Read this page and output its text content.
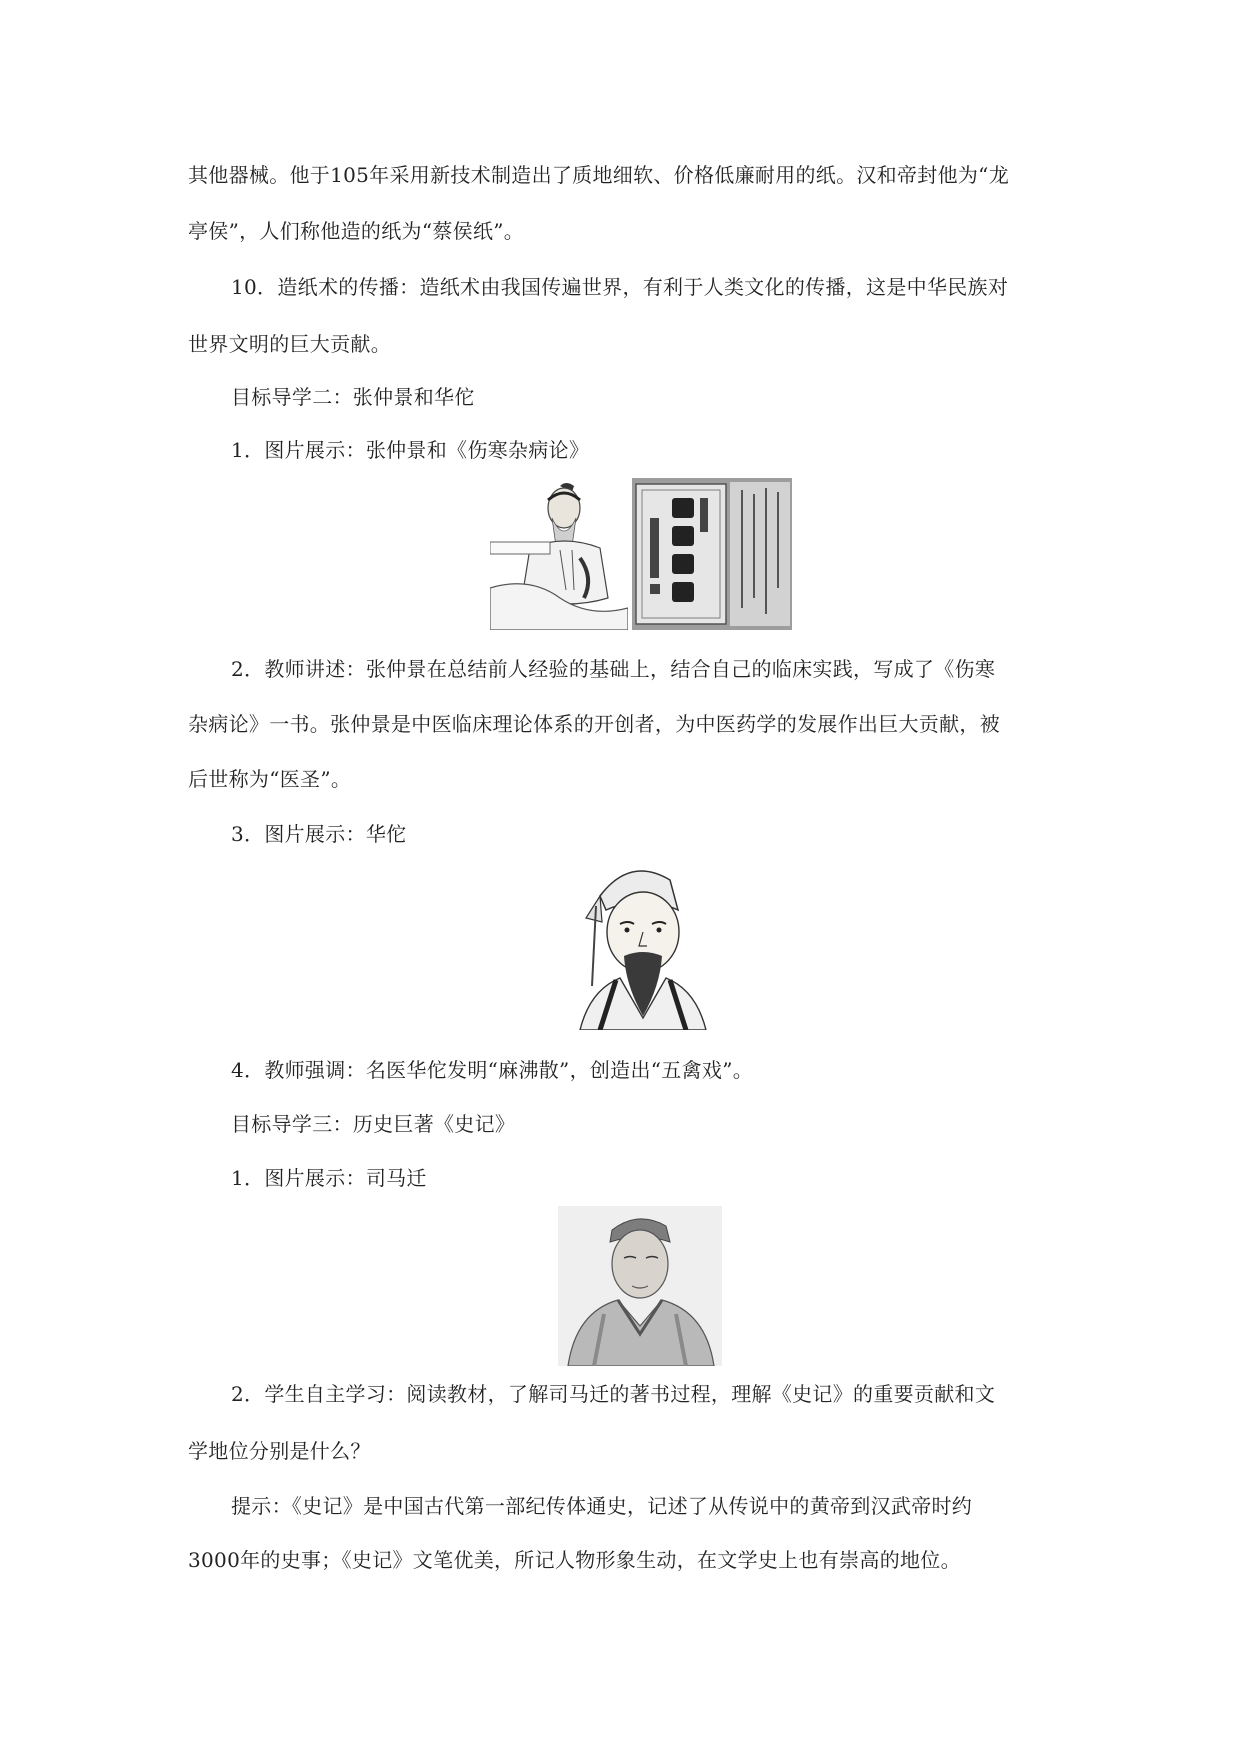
其他器械。他于105年采用新技术制造出了质地细软、价格低廉耐用的纸。汉和帝封他为“龙
亭侯”，人们称他造的纸为“蔡侯纸”。
10．造纸术的传播：造纸术由我国传遍世界，有利于人类文化的传播，这是中华民族对
世界文明的巨大贡献。
目标导学二：张仲景和华佗
1．图片展示：张仲景和《伤寒杂病论》
2．教师讲述：张仲景在总结前人经验的基础上，结合自己的临床实践，写成了《伤寒
杂病论》一书。张仲景是中医临床理论体系的开创者，为中医药学的发展作出巨大贡献，被
后世称为“医圣”。
3．图片展示：华佗
4．教师强调：名医华佗发明“麻沸散”，创造出“五禽戏”。
目标导学三：历史巨著《史记》
1．图片展示：司马迁
2．学生自主学习：阅读教材，了解司马迁的著书过程，理解《史记》的重要贡献和文
学地位分别是什么？
提示：《史记》是中国古代第一部纪传体通史，记述了从传说中的黄帝到汉武帝时约
3000年的史事；《史记》文笔优美，所记人物形象生动，在文学史上也有崇高的地位。
